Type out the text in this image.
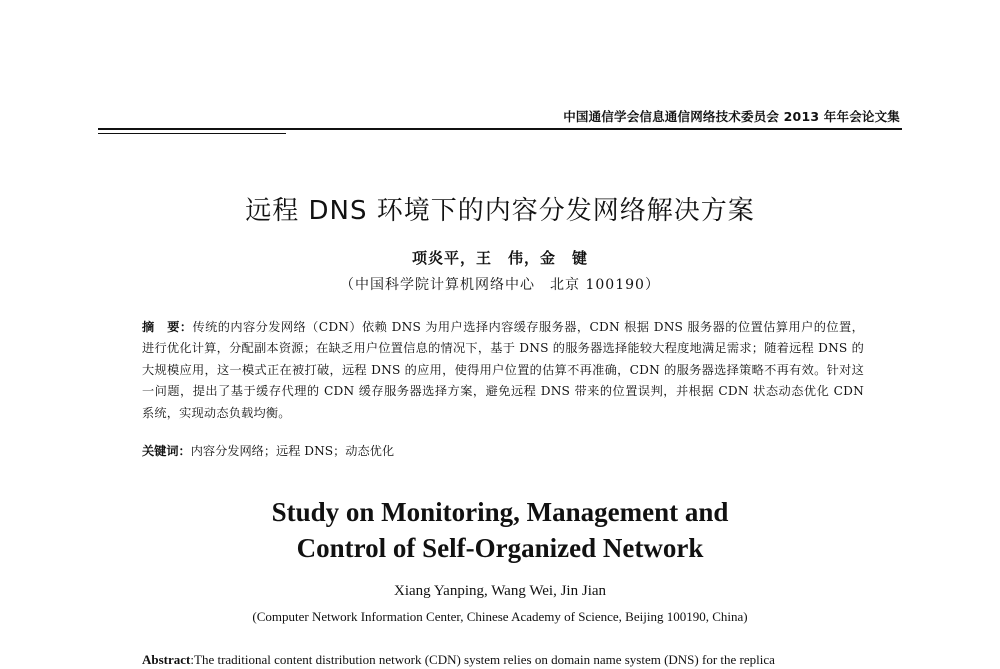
中国通信学会信息通信网络技术委员会 2013 年年会论文集
远程 DNS 环境下的内容分发网络解决方案
项炎平，王　伟，金　键
（中国科学院计算机网络中心　北京 100190）
摘　要：传统的内容分发网络（CDN）依赖 DNS 为用户选择内容缓存服务器，CDN 根据 DNS 服务器的位置估算用户的位置，进行优化计算，分配副本资源；在缺乏用户位置信息的情况下，基于 DNS 的服务器选择能较大程度地满足需求；随着远程 DNS 的大规模应用，这一模式正在被打破，远程 DNS 的应用，使得用户位置的估算不再准确，CDN 的服务器选择策略不再有效。针对这一问题，提出了基于缓存代理的 CDN 缓存服务器选择方案，避免远程 DNS 带来的位置误判，并根据 CDN 状态动态优化 CDN 系统，实现动态负载均衡。
关键词：内容分发网络；远程 DNS；动态优化
Study on Monitoring, Management and
Control of Self-Organized Network
Xiang Yanping, Wang Wei, Jin Jian
(Computer Network Information Center, Chinese Academy of Science, Beijing 100190, China)
Abstract:The traditional content distribution network (CDN) system relies on domain name system (DNS) for the replica
